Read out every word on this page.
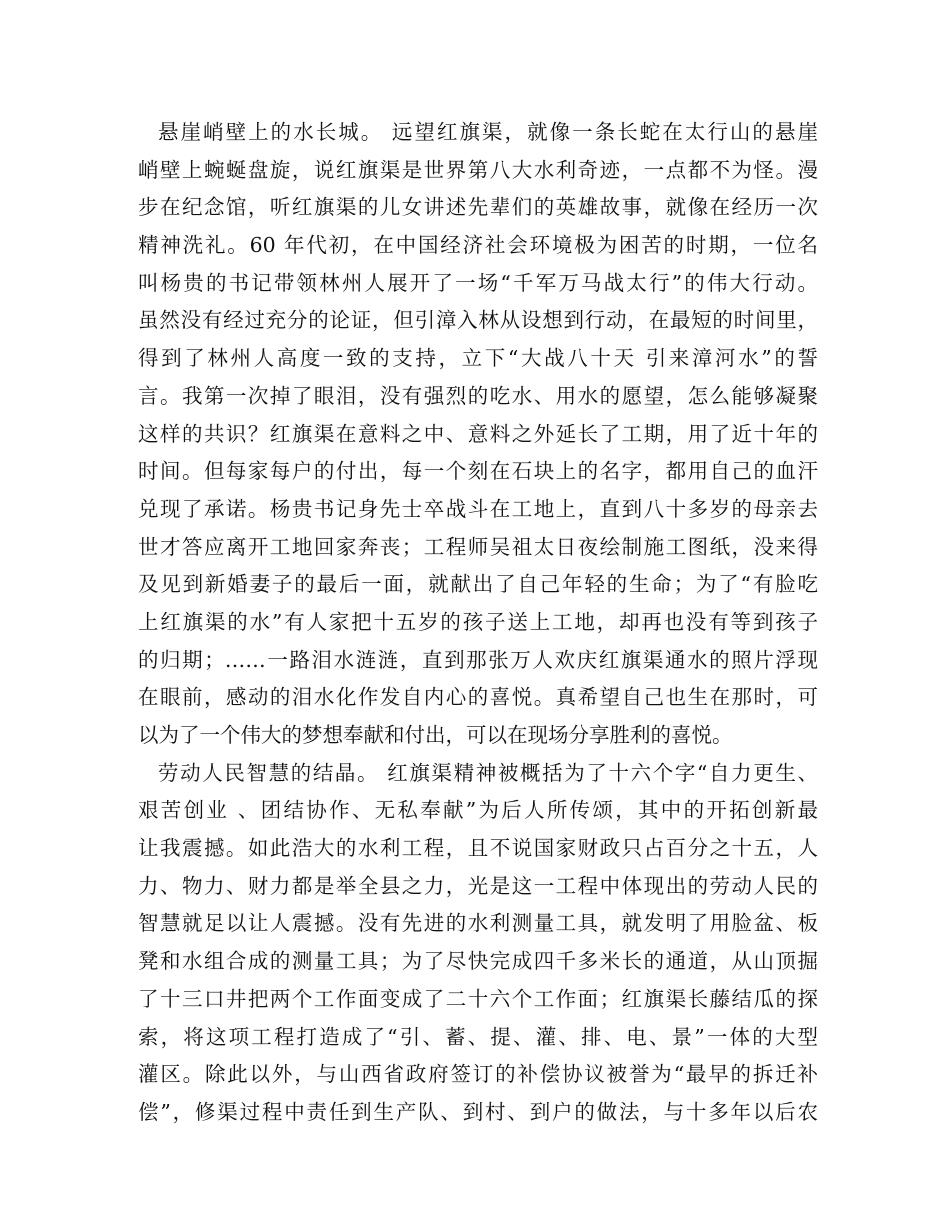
悬崖峭壁上的水长城。 远望红旗渠，就像一条长蛇在太行山的悬崖
峭壁上蜿蜒盘旋，说红旗渠是世界第八大水利奇迹，一点都不为怪。漫
步在纪念馆，听红旗渠的儿女讲述先辈们的英雄故事，就像在经历一次
精神洗礼。60 年代初，在中国经济社会环境极为困苦的时期，一位名
叫杨贵的书记带领林州人展开了一场“千军万马战太行”的伟大行动。
虽然没有经过充分的论证，但引漳入林从设想到行动，在最短的时间里，
得到了林州人高度一致的支持，立下“大战八十天 引来漳河水”的誓
言。我第一次掉了眼泪，没有强烈的吃水、用水的愿望，怎么能够凝聚
这样的共识？红旗渠在意料之中、意料之外延长了工期，用了近十年的
时间。但每家每户的付出，每一个刻在石块上的名字，都用自己的血汗
兑现了承诺。杨贵书记身先士卒战斗在工地上，直到八十多岁的母亲去
世才答应离开工地回家奔丧；工程师吴祖太日夜绘制施工图纸，没来得
及见到新婚妻子的最后一面，就献出了自己年轻的生命；为了“有脸吃
上红旗渠的水”有人家把十五岁的孩子送上工地，却再也没有等到孩子
的归期；……一路泪水涟涟，直到那张万人欢庆红旗渠通水的照片浮现
在眼前，感动的泪水化作发自内心的喜悦。真希望自己也生在那时，可
以为了一个伟大的梦想奉献和付出，可以在现场分享胜利的喜悦。
劳动人民智慧的结晶。 红旗渠精神被概括为了十六个字“自力更生、
艰苦创业 、团结协作、无私奉献”为后人所传颂，其中的开拓创新最
让我震撼。如此浩大的水利工程，且不说国家财政只占百分之十五，人
力、物力、财力都是举全县之力，光是这一工程中体现出的劳动人民的
智慧就足以让人震撼。没有先进的水利测量工具，就发明了用脸盆、板
凳和水组合成的测量工具；为了尽快完成四千多米长的通道，从山顶掘
了十三口井把两个工作面变成了二十六个工作面；红旗渠长藤结瓜的探
索，将这项工程打造成了“引、蓄、提、灌、排、电、景”一体的大型
灌区。除此以外，与山西省政府签订的补偿协议被誉为“最早的拆迁补
偿”，修渠过程中责任到生产队、到村、到户的做法，与十多年以后农
